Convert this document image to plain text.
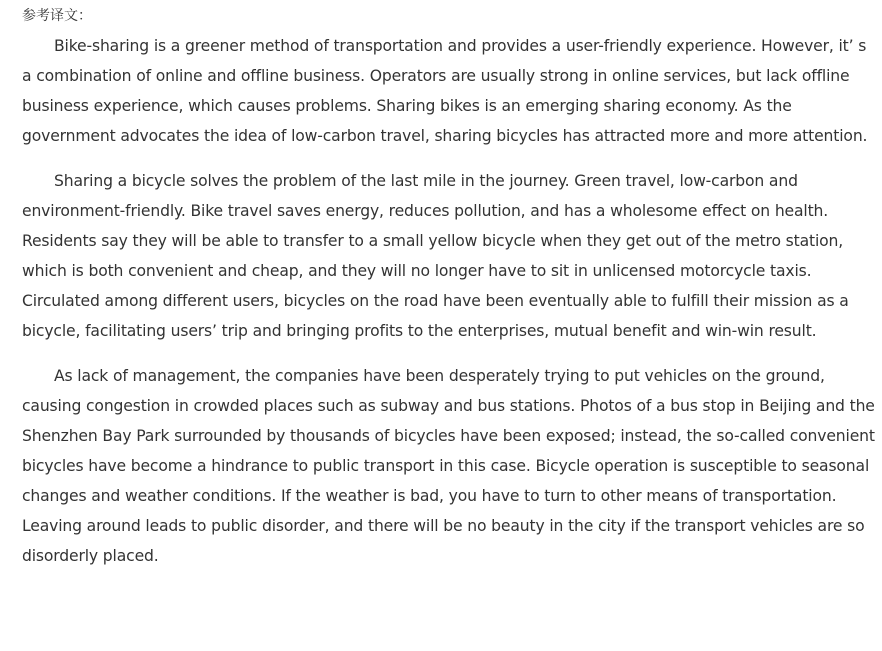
参考译文：

Bike-sharing is a greener method of transportation and provides a user-friendly experience. However, it’ s a combination of online and offline business. Operators are usually strong in online services, but lack offline business experience, which causes problems. Sharing bikes is an emerging sharing economy. As the government advocates the idea of low-carbon travel, sharing bicycles has attracted more and more attention.

Sharing a bicycle solves the problem of the last mile in the journey. Green travel, low-carbon and environment-friendly. Bike travel saves energy, reduces pollution, and has a wholesome effect on health. Residents say they will be able to transfer to a small yellow bicycle when they get out of the metro station, which is both convenient and cheap, and they will no longer have to sit in unlicensed motorcycle taxis. Circulated among different users, bicycles on the road have been eventually able to fulfill their mission as a bicycle, facilitating users’ trip and bringing profits to the enterprises, mutual benefit and win-win result.

As lack of management, the companies have been desperately trying to put vehicles on the ground, causing congestion in crowded places such as subway and bus stations. Photos of a bus stop in Beijing and the Shenzhen Bay Park surrounded by thousands of bicycles have been exposed; instead, the so-called convenient bicycles have become a hindrance to public transport in this case. Bicycle operation is susceptible to seasonal changes and weather conditions. If the weather is bad, you have to turn to other means of transportation. Leaving around leads to public disorder, and there will be no beauty in the city if the transport vehicles are so disorderly placed.
